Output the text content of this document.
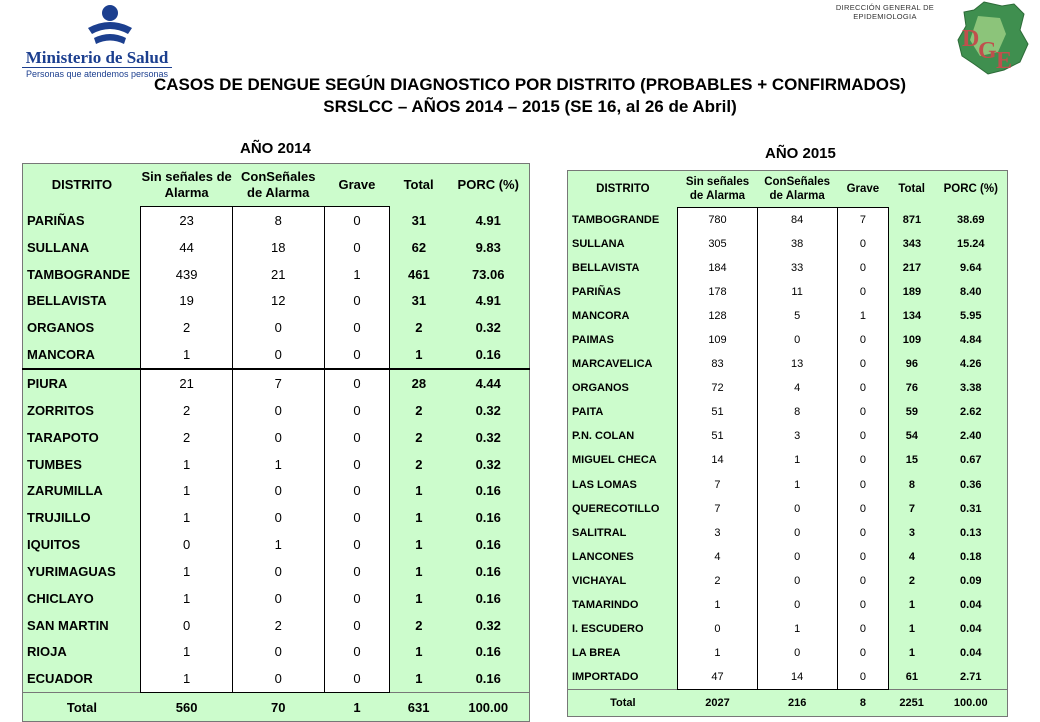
Ministerio de Salud
Personas que atendemos personas
DIRECCIÓN GENERAL DE
EPIDEMIOLOGIA
D
G E
CASOS DE DENGUE SEGÚN DIAGNOSTICO POR DISTRITO (PROBABLES + CONFIRMADOS)
SRSLCC – AÑOS 2014 – 2015 (SE 16, al 26 de Abril)
AÑO 2014	AÑO 2015
DISTRITO	Sin señales de Alarma	ConSeñales de Alarma	Grave	Total	PORC (%)
PARIÑAS	23	8	0	31	4.91
SULLANA	44	18	0	62	9.83
TAMBOGRANDE	439	21	1	461	73.06
BELLAVISTA	19	12	0	31	4.91
ORGANOS	2	0	0	2	0.32
MANCORA	1	0	0	1	0.16
PIURA	21	7	0	28	4.44
ZORRITOS	2	0	0	2	0.32
TARAPOTO	2	0	0	2	0.32
TUMBES	1	1	0	2	0.32
ZARUMILLA	1	0	0	1	0.16
TRUJILLO	1	0	0	1	0.16
IQUITOS	0	1	0	1	0.16
YURIMAGUAS	1	0	0	1	0.16
CHICLAYO	1	0	0	1	0.16
SAN MARTIN	0	2	0	2	0.32
RIOJA	1	0	0	1	0.16
ECUADOR	1	0	0	1	0.16
Total	560	70	1	631	100.00
DISTRITO	Sin señales de Alarma	ConSeñales de Alarma	Grave	Total	PORC (%)
TAMBOGRANDE	780	84	7	871	38.69
SULLANA	305	38	0	343	15.24
BELLAVISTA	184	33	0	217	9.64
PARIÑAS	178	11	0	189	8.40
MANCORA	128	5	1	134	5.95
PAIMAS	109	0	0	109	4.84
MARCAVELICA	83	13	0	96	4.26
ORGANOS	72	4	0	76	3.38
PAITA	51	8	0	59	2.62
P.N. COLAN	51	3	0	54	2.40
MIGUEL CHECA	14	1	0	15	0.67
LAS LOMAS	7	1	0	8	0.36
QUERECOTILLO	7	0	0	7	0.31
SALITRAL	3	0	0	3	0.13
LANCONES	4	0	0	4	0.18
VICHAYAL	2	0	0	2	0.09
TAMARINDO	1	0	0	1	0.04
I. ESCUDERO	0	1	0	1	0.04
LA BREA	1	0	0	1	0.04
IMPORTADO	47	14	0	61	2.71
Total	2027	216	8	2251	100.00
